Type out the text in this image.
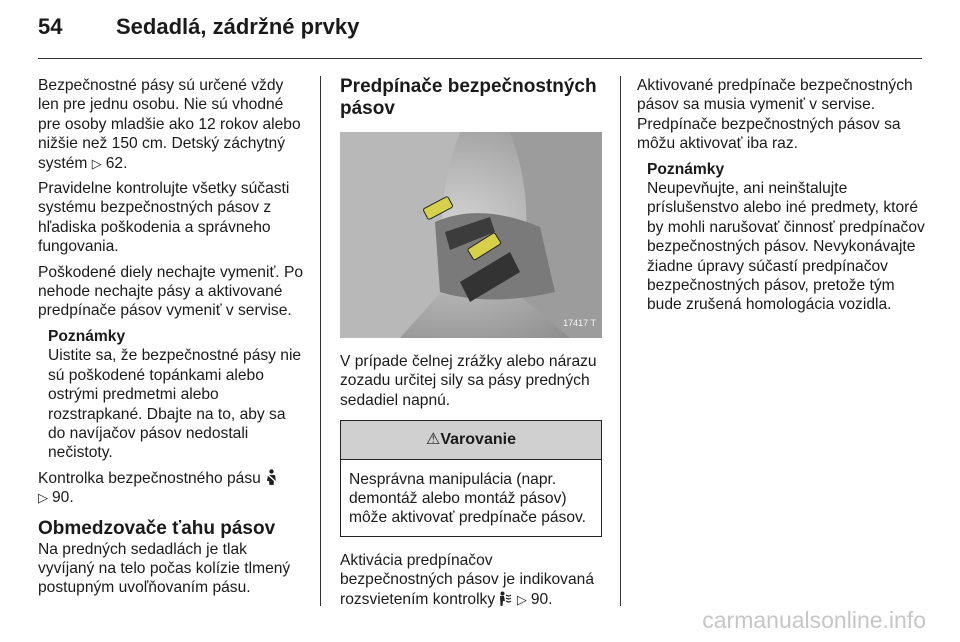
54 Sedadlá, zádržné prvky

Bezpečnostné pásy sú určené vždy len pre jednu osobu. Nie sú vhodné pre osoby mladšie ako 12 rokov alebo nižšie než 150 cm. Detský záchytný systém ▷ 62.

Pravidelne kontrolujte všetky súčasti systému bezpečnostných pásov z hľadiska poškodenia a správneho fungovania.

Poškodené diely nechajte vymeniť. Po nehode nechajte pásy a aktivované predpínače pásov vymeniť v servise.

Poznámky

Uistite sa, že bezpečnostné pásy nie sú poškodené topánkami alebo ostrými predmetmi alebo rozstrapkané. Dbajte na to, aby sa do navíjačov pásov nedostali nečistoty.

Kontrolka bezpečnostného pásu
▷ 90.

Obmedzovače ťahu pásov

Na predných sedadlách je tlak vyvíjaný na telo počas kolízie tlmený postupným uvoľňovaním pásu.

Predpínače bezpečnostných pásov
17417 T

V prípade čelnej zrážky alebo nárazu zozadu určitej sily sa pásy predných sedadiel napnú.

⚠Varovanie
Nesprávna manipulácia (napr. demontáž alebo montáž pásov) môže aktivovať predpínače pásov.

Aktivácia predpínačov bezpečnostných pásov je indikovaná rozsvietením kontrolky ▷ 90.

Aktivované predpínače bezpečnostných pásov sa musia vymeniť v servise. Predpínače bezpečnostných pásov sa môžu aktivovať iba raz.

Poznámky

Neupevňujte, ani neinštalujte príslušenstvo alebo iné predmety, ktoré by mohli narušovať činnosť predpínačov bezpečnostných pásov. Nevykonávajte žiadne úpravy súčastí predpínačov bezpečnostných pásov, pretože tým bude zrušená homologácia vozidla.

carmanualsonline.info
